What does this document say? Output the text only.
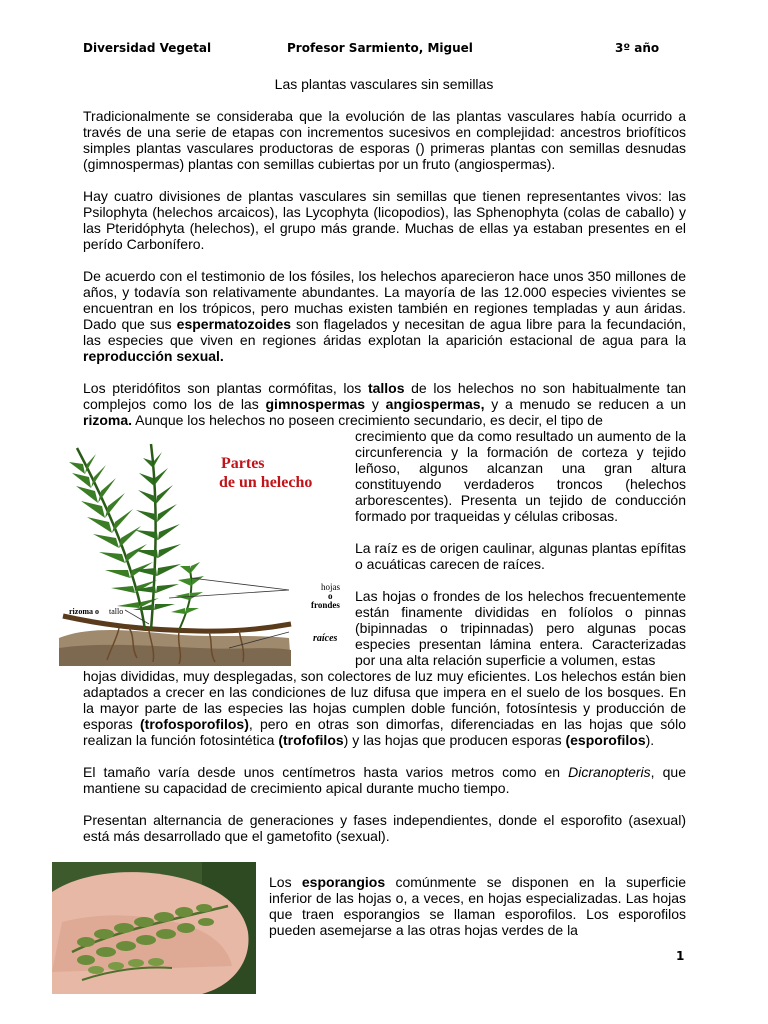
Diversidad Vegetal	Profesor Sarmiento, Miguel	3º año
Las plantas vasculares sin semillas

Tradicionalmente se consideraba que la evolución de las plantas vasculares había ocurrido a través de una serie de etapas con incrementos sucesivos en complejidad: ancestros briofíticos simples plantas vasculares productoras de esporas () primeras plantas con semillas desnudas (gimnospermas) plantas con semillas cubiertas por un fruto (angiospermas).

Hay cuatro divisiones de plantas vasculares sin semillas que tienen representantes vivos: las Psilophyta (helechos arcaicos), las Lycophyta (licopodios), las Sphenophyta (colas de caballo) y las Pteridóphyta (helechos), el grupo más grande. Muchas de ellas ya estaban presentes en el perído Carbonífero.

De acuerdo con el testimonio de los fósiles, los helechos aparecieron hace unos 350 millones de años, y todavía son relativamente abundantes. La mayoría de las 12.000 especies vivientes se encuentran en los trópicos, pero muchas existen también en regiones templadas y aun áridas. Dado que sus espermatozoides son flagelados y necesitan de agua libre para la fecundación, las especies que viven en regiones áridas explotan la aparición estacional de agua para la reproducción sexual.

Los pteridófitos son plantas cormófitas, los tallos de los helechos no son habitualmente tan complejos como los de las gimnospermas y angiospermas, y a menudo se reducen a un rizoma. Aunque los helechos no poseen crecimiento secundario, es decir, el tipo de

Partes
de un helecho
hojas
o
frondes
raíces
rizoma o tallo

crecimiento que da como resultado un aumento de la circunferencia y la formación de corteza y tejido leñoso, algunos alcanzan una gran altura constituyendo verdaderos troncos (helechos arborescentes). Presenta un tejido de conducción formado por traqueidas y células cribosas.

La raíz es de origen caulinar, algunas plantas epífitas o acuáticas carecen de raíces.

Las hojas o frondes de los helechos frecuentemente están finamente divididas en folíolos o pinnas (bipinnadas o tripinnadas) pero algunas pocas especies presentan lámina entera. Caracterizadas por una alta relación superficie a volumen, estas

hojas divididas, muy desplegadas, son colectores de luz muy eficientes. Los helechos están bien adaptados a crecer en las condiciones de luz difusa que impera en el suelo de los bosques. En la mayor parte de las especies las hojas cumplen doble función, fotosíntesis y producción de esporas (trofosporofilos), pero en otras son dimorfas, diferenciadas en las hojas que sólo realizan la función fotosintética (trofofilos) y las hojas que producen esporas (esporofilos).

El tamaño varía desde unos centímetros hasta varios metros como en Dicranopteris, que mantiene su capacidad de crecimiento apical durante mucho tiempo.

Presentan alternancia de generaciones y fases independientes, donde el esporofito (asexual) está más desarrollado que el gametofito (sexual).

Los esporangios comúnmente se disponen en la superficie inferior de las hojas o, a veces, en hojas especializadas. Las hojas que traen esporangios se llaman esporofilos. Los esporofilos pueden asemejarse a las otras hojas verdes de la
1
